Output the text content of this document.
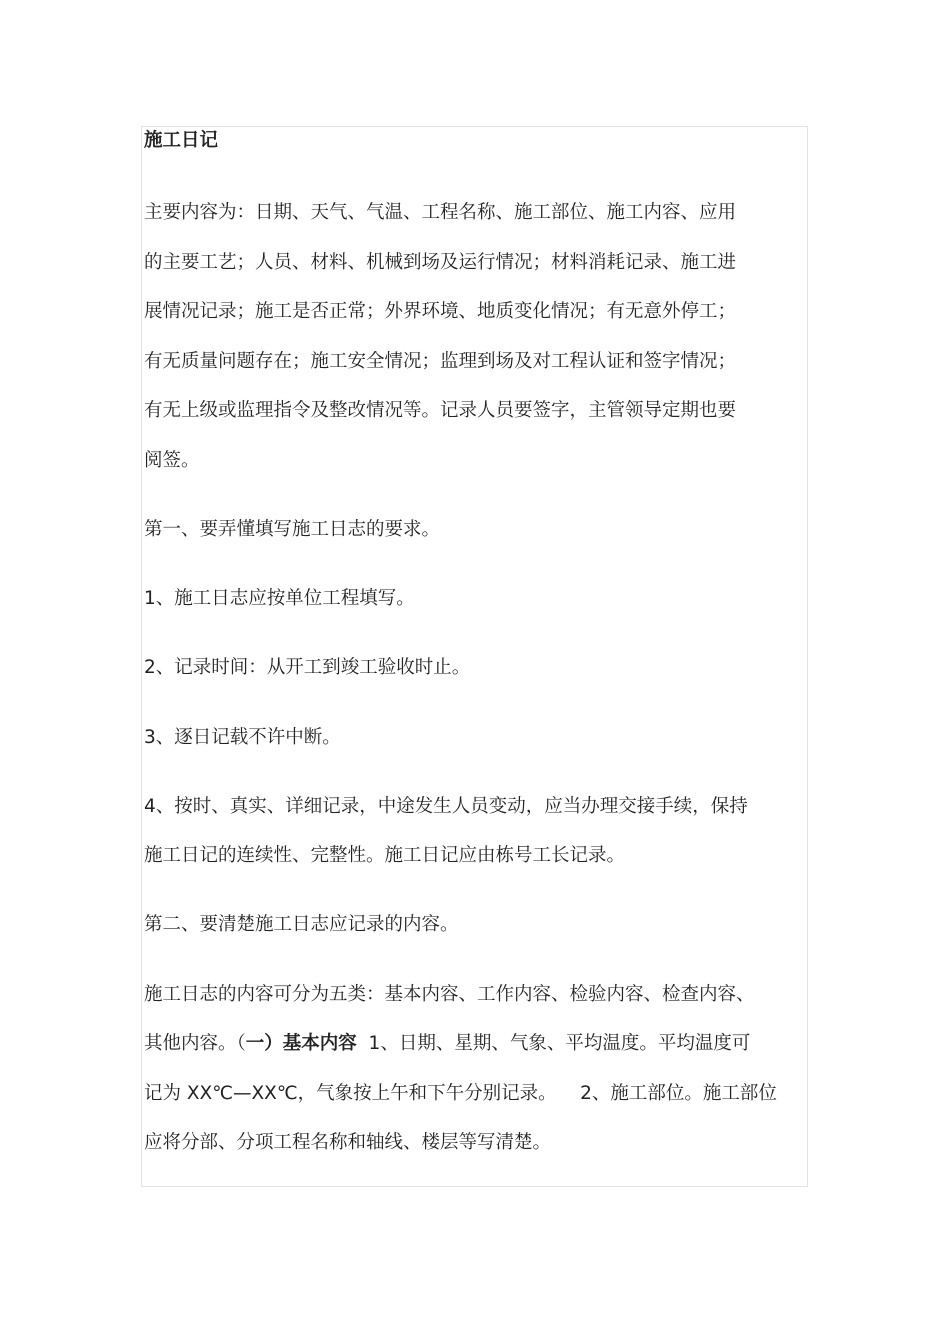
施工日记
主要内容为：日期、天气、气温、工程名称、施工部位、施工内容、应用
的主要工艺；人员、材料、机械到场及运行情况；材料消耗记录、施工进
展情况记录；施工是否正常；外界环境、地质变化情况；有无意外停工；
有无质量问题存在；施工安全情况；监理到场及对工程认证和签字情况；
有无上级或监理指令及整改情况等。记录人员要签字，主管领导定期也要
阅签。
第一、要弄懂填写施工日志的要求。
1、施工日志应按单位工程填写。
2、记录时间：从开工到竣工验收时止。
3、逐日记载不许中断。
4、按时、真实、详细记录，中途发生人员变动，应当办理交接手续，保持
施工日记的连续性、完整性。施工日记应由栋号工长记录。
第二、要清楚施工日志应记录的内容。
施工日志的内容可分为五类：基本内容、工作内容、检验内容、检查内容、
其他内容。（一）基本内容 1、日期、星期、气象、平均温度。平均温度可
记为 XX℃—XX℃，气象按上午和下午分别记录。    2、施工部位。施工部位
应将分部、分项工程名称和轴线、楼层等写清楚。
